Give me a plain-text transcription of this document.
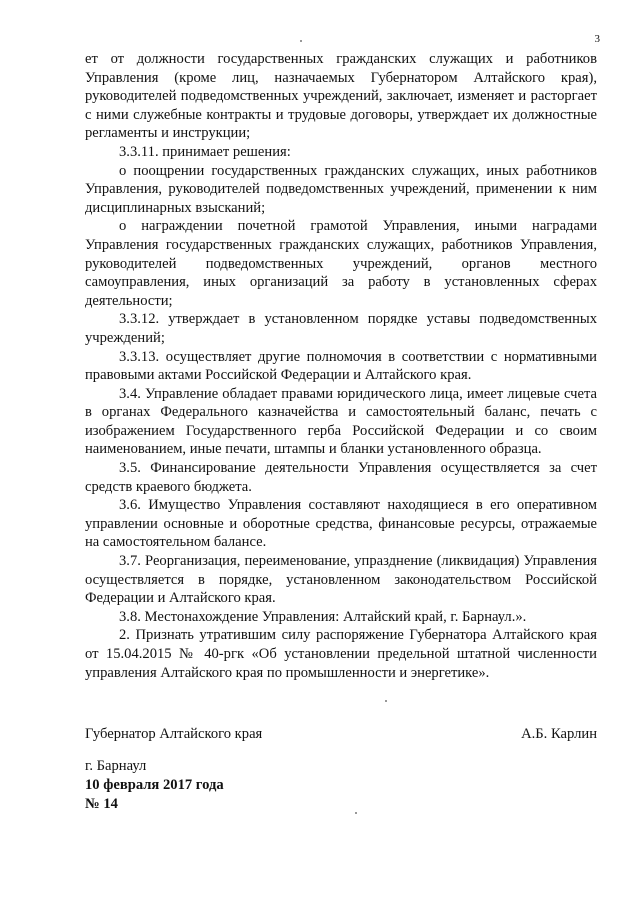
3

ет от должности государственных гражданских служащих и работников Управления (кроме лиц, назначаемых Губернатором Алтайского края), руководителей подведомственных учреждений, заключает, изменяет и расторгает с ними служебные контракты и трудовые договоры, утверждает их должностные регламенты и инструкции;

3.3.11. принимает решения:

о поощрении государственных гражданских служащих, иных работников Управления, руководителей подведомственных учреждений, применении к ним дисциплинарных взысканий;

о награждении почетной грамотой Управления, иными наградами Управления государственных гражданских служащих, работников Управления, руководителей подведомственных учреждений, органов местного самоуправления, иных организаций за работу в установленных сферах деятельности;

3.3.12. утверждает в установленном порядке уставы подведомственных учреждений;

3.3.13. осуществляет другие полномочия в соответствии с нормативными правовыми актами Российской Федерации и Алтайского края.

3.4. Управление обладает правами юридического лица, имеет лицевые счета в органах Федерального казначейства и самостоятельный баланс, печать с изображением Государственного герба Российской Федерации и со своим наименованием, иные печати, штампы и бланки установленного образца.

3.5. Финансирование деятельности Управления осуществляется за счет средств краевого бюджета.

3.6. Имущество Управления составляют находящиеся в его оперативном управлении основные и оборотные средства, финансовые ресурсы, отражаемые на самостоятельном балансе.

3.7. Реорганизация, переименование, упразднение (ликвидация) Управления осуществляется в порядке, установленном законодательством Российской Федерации и Алтайского края.

3.8. Местонахождение Управления: Алтайский край, г. Барнаул.».

2. Признать утратившим силу распоряжение Губернатора Алтайского края от 15.04.2015 № 40-ргк «Об установлении предельной штатной численности управления Алтайского края по промышленности и энергетике».

Губернатор Алтайского края	А.Б. Карлин
г. Барнаул
10 февраля 2017 года
№ 14
